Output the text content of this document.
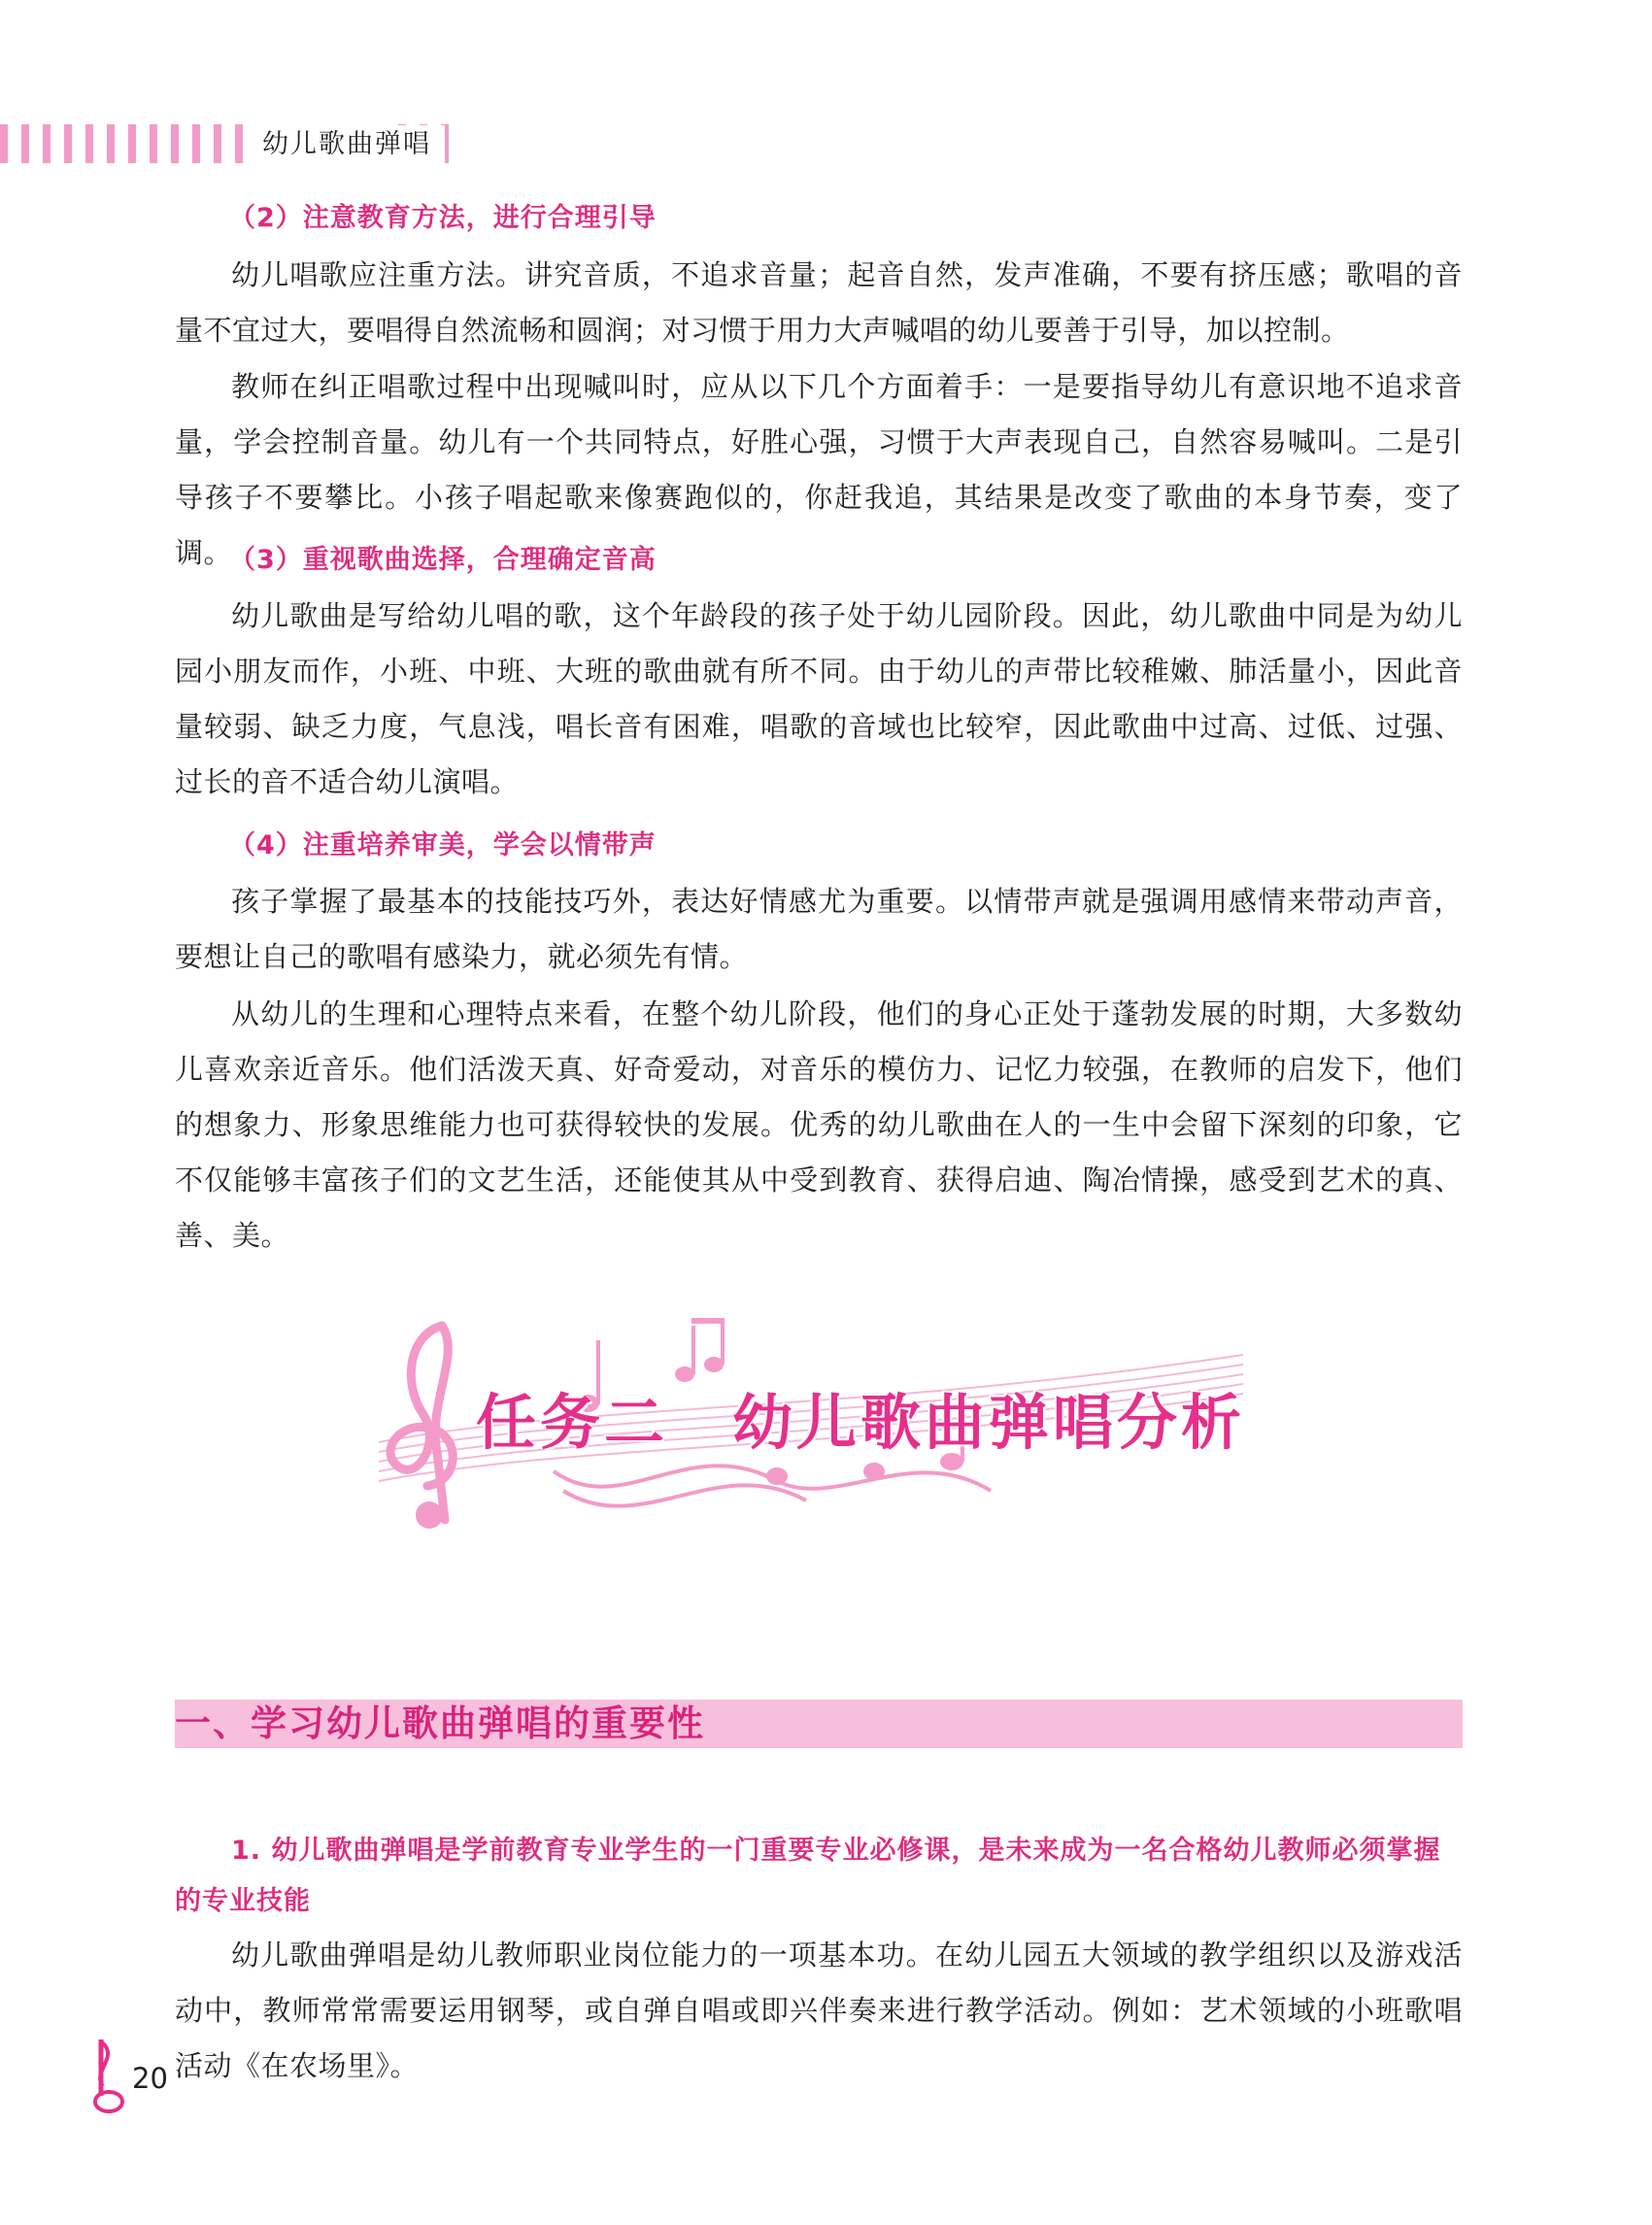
幼儿歌曲弹唱
（2）注意教育方法，进行合理引导
幼儿唱歌应注重方法。讲究音质，不追求音量；起音自然，发声准确，不要有挤压感；歌唱的音量不宜过大，要唱得自然流畅和圆润；对习惯于用力大声喊唱的幼儿要善于引导，加以控制。
教师在纠正唱歌过程中出现喊叫时，应从以下几个方面着手：一是要指导幼儿有意识地不追求音量，学会控制音量。幼儿有一个共同特点，好胜心强，习惯于大声表现自己，自然容易喊叫。二是引导孩子不要攀比。小孩子唱起歌来像赛跑似的，你赶我追，其结果是改变了歌曲的本身节奏，变了调。
（3）重视歌曲选择，合理确定音高
幼儿歌曲是写给幼儿唱的歌，这个年龄段的孩子处于幼儿园阶段。因此，幼儿歌曲中同是为幼儿园小朋友而作，小班、中班、大班的歌曲就有所不同。由于幼儿的声带比较稚嫩、肺活量小，因此音量较弱、缺乏力度，气息浅，唱长音有困难，唱歌的音域也比较窄，因此歌曲中过高、过低、过强、过长的音不适合幼儿演唱。
（4）注重培养审美，学会以情带声
孩子掌握了最基本的技能技巧外，表达好情感尤为重要。以情带声就是强调用感情来带动声音，要想让自己的歌唱有感染力，就必须先有情。
从幼儿的生理和心理特点来看，在整个幼儿阶段，他们的身心正处于蓬勃发展的时期，大多数幼儿喜欢亲近音乐。他们活泼天真、好奇爱动，对音乐的模仿力、记忆力较强，在教师的启发下，他们的想象力、形象思维能力也可获得较快的发展。优秀的幼儿歌曲在人的一生中会留下深刻的印象，它不仅能够丰富孩子们的文艺生活，还能使其从中受到教育、获得启迪、陶冶情操，感受到艺术的真、善、美。
任务二　幼儿歌曲弹唱分析
一、学习幼儿歌曲弹唱的重要性
1. 幼儿歌曲弹唱是学前教育专业学生的一门重要专业必修课，是未来成为一名合格幼儿教师必须掌握的专业技能
幼儿歌曲弹唱是幼儿教师职业岗位能力的一项基本功。在幼儿园五大领域的教学组织以及游戏活动中，教师常常需要运用钢琴，或自弹自唱或即兴伴奏来进行教学活动。例如：艺术领域的小班歌唱活动《在农场里》。
20
